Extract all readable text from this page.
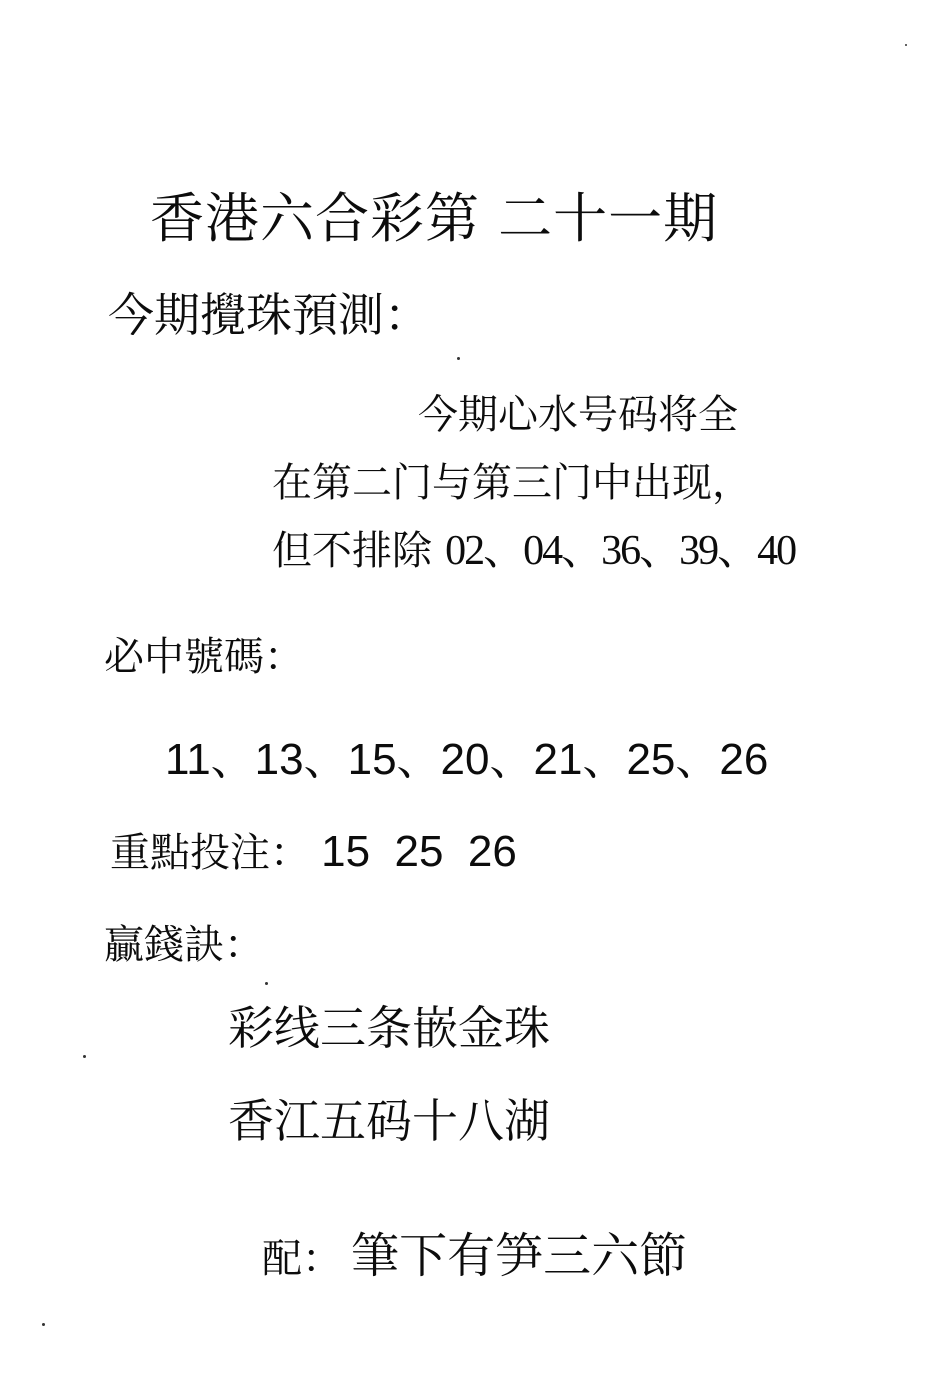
香港六合彩第 二十一期
今期攪珠預測：
今期心水号码将全
在第二门与第三门中出现，
但不排除 02、04、36、39、40
必中號碼：
11、13、15、20、21、25、26
重點投注： 15  25  26
贏錢訣：
彩线三条嵌金珠
香江五码十八湖
配： 筆下有笋三六節
